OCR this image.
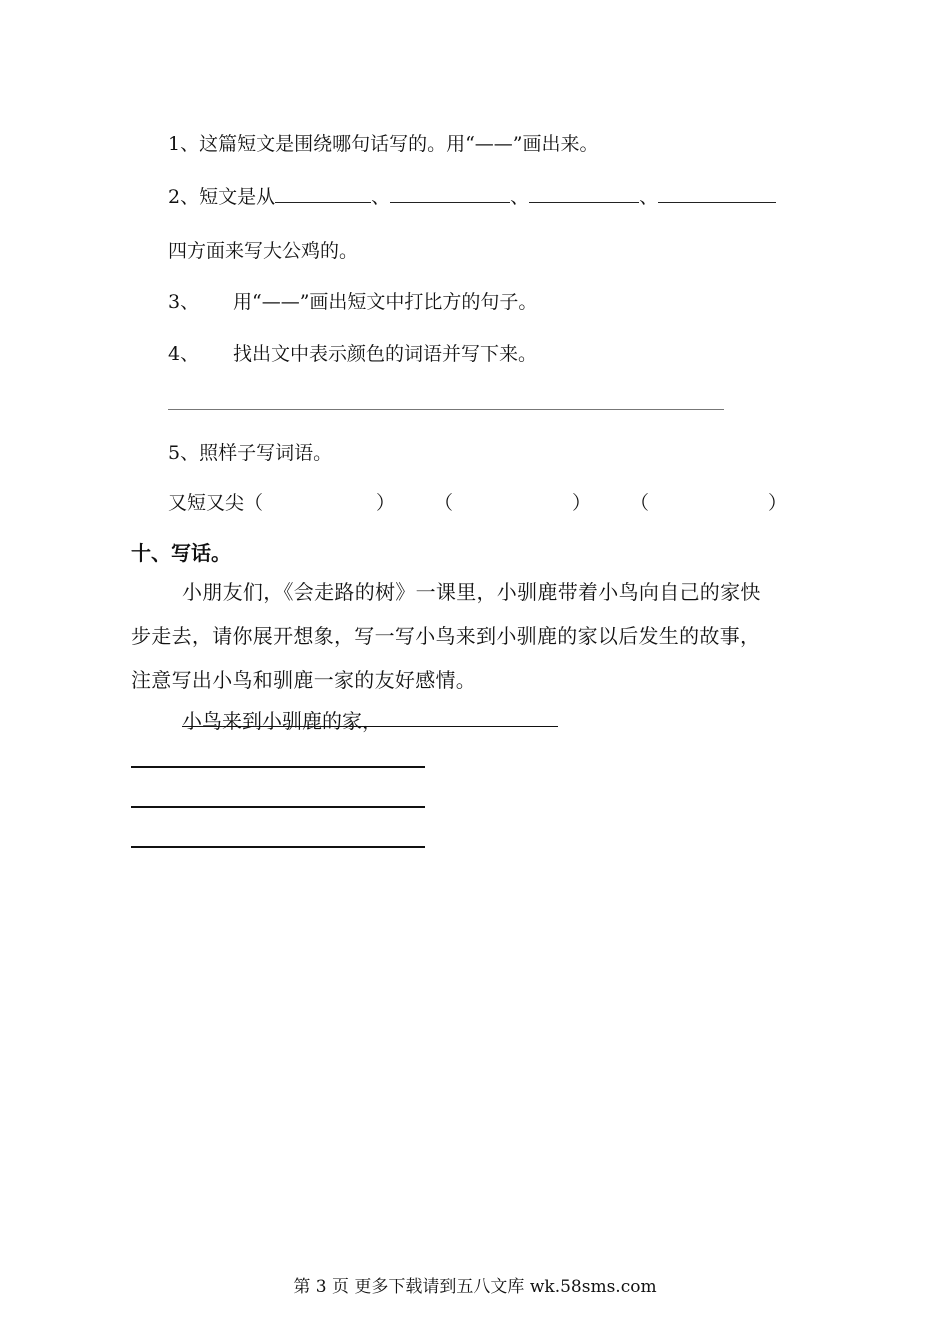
1、这篇短文是围绕哪句话写的。用“——”画出来。
2、短文是从	、	、	、
四方面来写大公鸡的。
3、 用“——”画出短文中打比方的句子。
4、 找出文中表示颜色的词语并写下来。
5、照样子写词语。
又短又尖（	） （	） （	）
十、写话。
小朋友们，《会走路的树》一课里，小驯鹿带着小鸟向自己的家快
步走去，请你展开想象，写一写小鸟来到小驯鹿的家以后发生的故事，
注意写出小鸟和驯鹿一家的友好感情。
小鸟来到小驯鹿的家，
第 3 页 更多下载请到五八文库 wk.58sms.com
